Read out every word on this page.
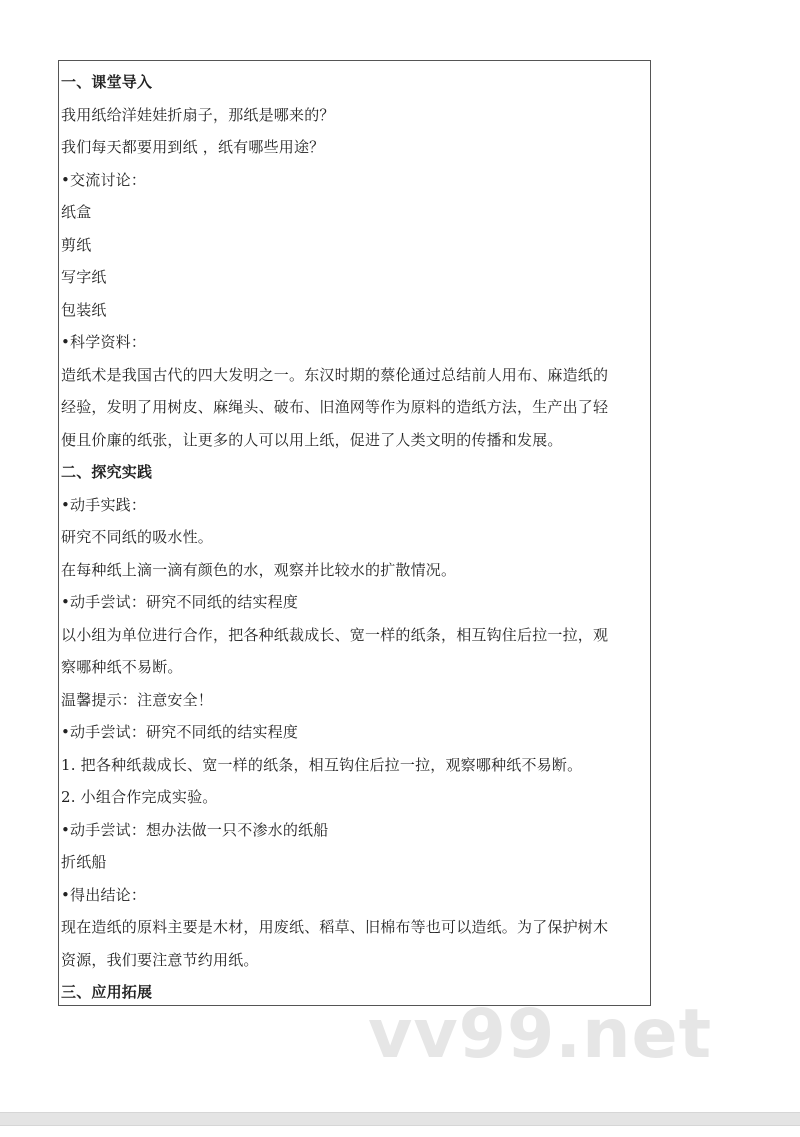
一、课堂导入
我用纸给洋娃娃折扇子，那纸是哪来的？
我们每天都要用到纸 ，纸有哪些用途？
•交流讨论：
纸盒
剪纸
写字纸
包装纸
•科学资料：
造纸术是我国古代的四大发明之一。东汉时期的蔡伦通过总结前人用布、麻造纸的
经验，发明了用树皮、麻绳头、破布、旧渔网等作为原料的造纸方法，生产出了轻
便且价廉的纸张，让更多的人可以用上纸，促进了人类文明的传播和发展。
二、探究实践
•动手实践：
研究不同纸的吸水性。
在每种纸上滴一滴有颜色的水，观察并比较水的扩散情况。
•动手尝试：研究不同纸的结实程度
以小组为单位进行合作，把各种纸裁成长、宽一样的纸条，相互钩住后拉一拉，观
察哪种纸不易断。
温馨提示：注意安全！
•动手尝试：研究不同纸的结实程度
1. 把各种纸裁成长、宽一样的纸条，相互钩住后拉一拉，观察哪种纸不易断。
2. 小组合作完成实验。
•动手尝试：想办法做一只不渗水的纸船
折纸船
•得出结论：
现在造纸的原料主要是木材，用废纸、稻草、旧棉布等也可以造纸。为了保护树木
资源，我们要注意节约用纸。
三、应用拓展
vv99.net
